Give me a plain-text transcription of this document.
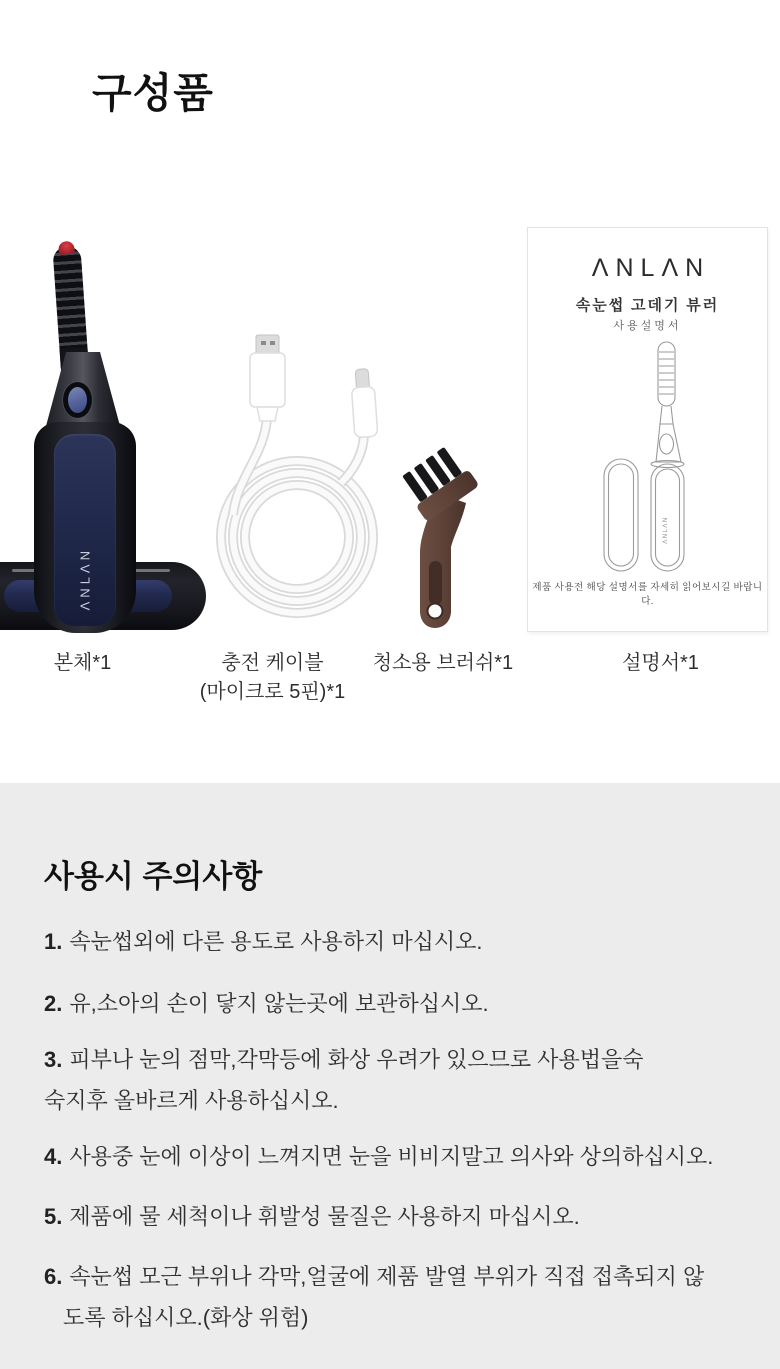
구성품
ΛNLΛN
ΛNLΛN
속눈썹 고데기 뷰러
사용설명서
ΛNLΛN
제품 사용전 해당 설명서를 자세히 읽어보시길 바랍니다.
본체*1	충전 케이블
(마이크로 5핀)*1
청소용 브러쉬*1	설명서*1
사용시 주의사항
1. 속눈썹외에 다른 용도로 사용하지 마십시오.
2. 유,소아의 손이 닿지 않는곳에 보관하십시오.
3. 피부나 눈의 점막,각막등에 화상 우려가 있으므로 사용법을숙
숙지후 올바르게 사용하십시오.
4. 사용중 눈에 이상이 느껴지면 눈을 비비지말고 의사와 상의하십시오.
5. 제품에 물 세척이나 휘발성 물질은 사용하지 마십시오.
6. 속눈썹 모근 부위나 각막,얼굴에 제품 발열 부위가 직접 접촉되지 않
도록 하십시오.(화상 위험)
